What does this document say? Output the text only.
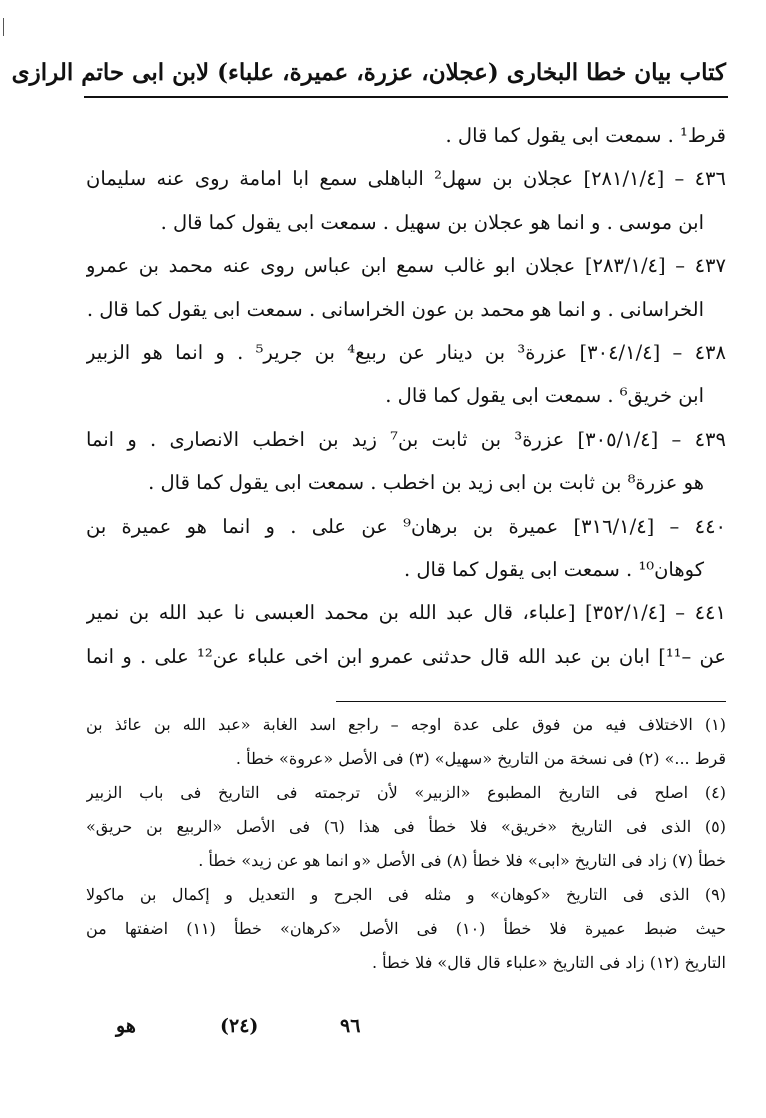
كتاب بيان خطا البخارى (عجلان، عزرة، عميرة، علباء) لابن ابى حاتم الرازى
قرط¹ . سمعت ابى يقول كما قال .
٤٣٦ – [٢٨١/١/٤] عجلان بن سهل² الباهلى سمع ابا امامة روى عنه سليمان
ابن موسى . و انما هو عجلان بن سهيل . سمعت ابى يقول كما قال .
٤٣٧ – [٢٨٣/١/٤] عجلان ابو غالب سمع ابن عباس روى عنه محمد بن عمرو
الخراسانى . و انما هو محمد بن عون الخراسانى . سمعت ابى يقول كما قال .
٤٣٨ – [٣٠٤/١/٤] عزرة³ بن دينار عن ربيع⁴ بن جرير⁵ . و انما هو الزبير
ابن خريق⁶ . سمعت ابى يقول كما قال .
٤٣٩ – [٣٠٥/١/٤] عزرة³ بن ثابت بن⁷ زيد بن اخطب الانصارى . و انما
هو عزرة⁸ بن ثابت بن ابى زيد بن اخطب . سمعت ابى يقول كما قال .
٤٤٠ – [٣١٦/١/٤] عميرة بن برهان⁹ عن على . و انما هو عميرة بن
كوهان¹⁰ . سمعت ابى يقول كما قال .
٤٤١ – [٣٥٢/١/٤] [علباء، قال عبد الله بن محمد العبسى نا عبد الله بن نمير
عن –¹¹] ابان بن عبد الله قال حدثنى عمرو ابن اخى علباء عن¹² على . و انما
(١) الاختلاف فيه من فوق على عدة اوجه – راجع اسد الغابة «عبد الله بن عائذ بن
قرط ...» (٢) فى نسخة من التاريخ «سهيل» (٣) فى الأصل «عروة» خطأ .
(٤) اصلح فى التاريخ المطبوع «الزبير» لأن ترجمته فى التاريخ فى باب الزبير
(٥) الذى فى التاريخ «خريق» فلا خطأ فى هذا (٦) فى الأصل «الربيع بن حريق»
خطأ (٧) زاد فى التاريخ «ابى» فلا خطأ (٨) فى الأصل «و انما هو عن زيد» خطأ .
(٩) الذى فى التاريخ «كوهان» و مثله فى الجرح و التعديل و إكمال بن ماكولا
حيث ضبط عميرة فلا خطأ (١٠) فى الأصل «كرهان» خطأ (١١) اضفتها من
التاريخ (١٢) زاد فى التاريخ «علباء قال قال» فلا خطأ .
هو	(٢٤)	٩٦
